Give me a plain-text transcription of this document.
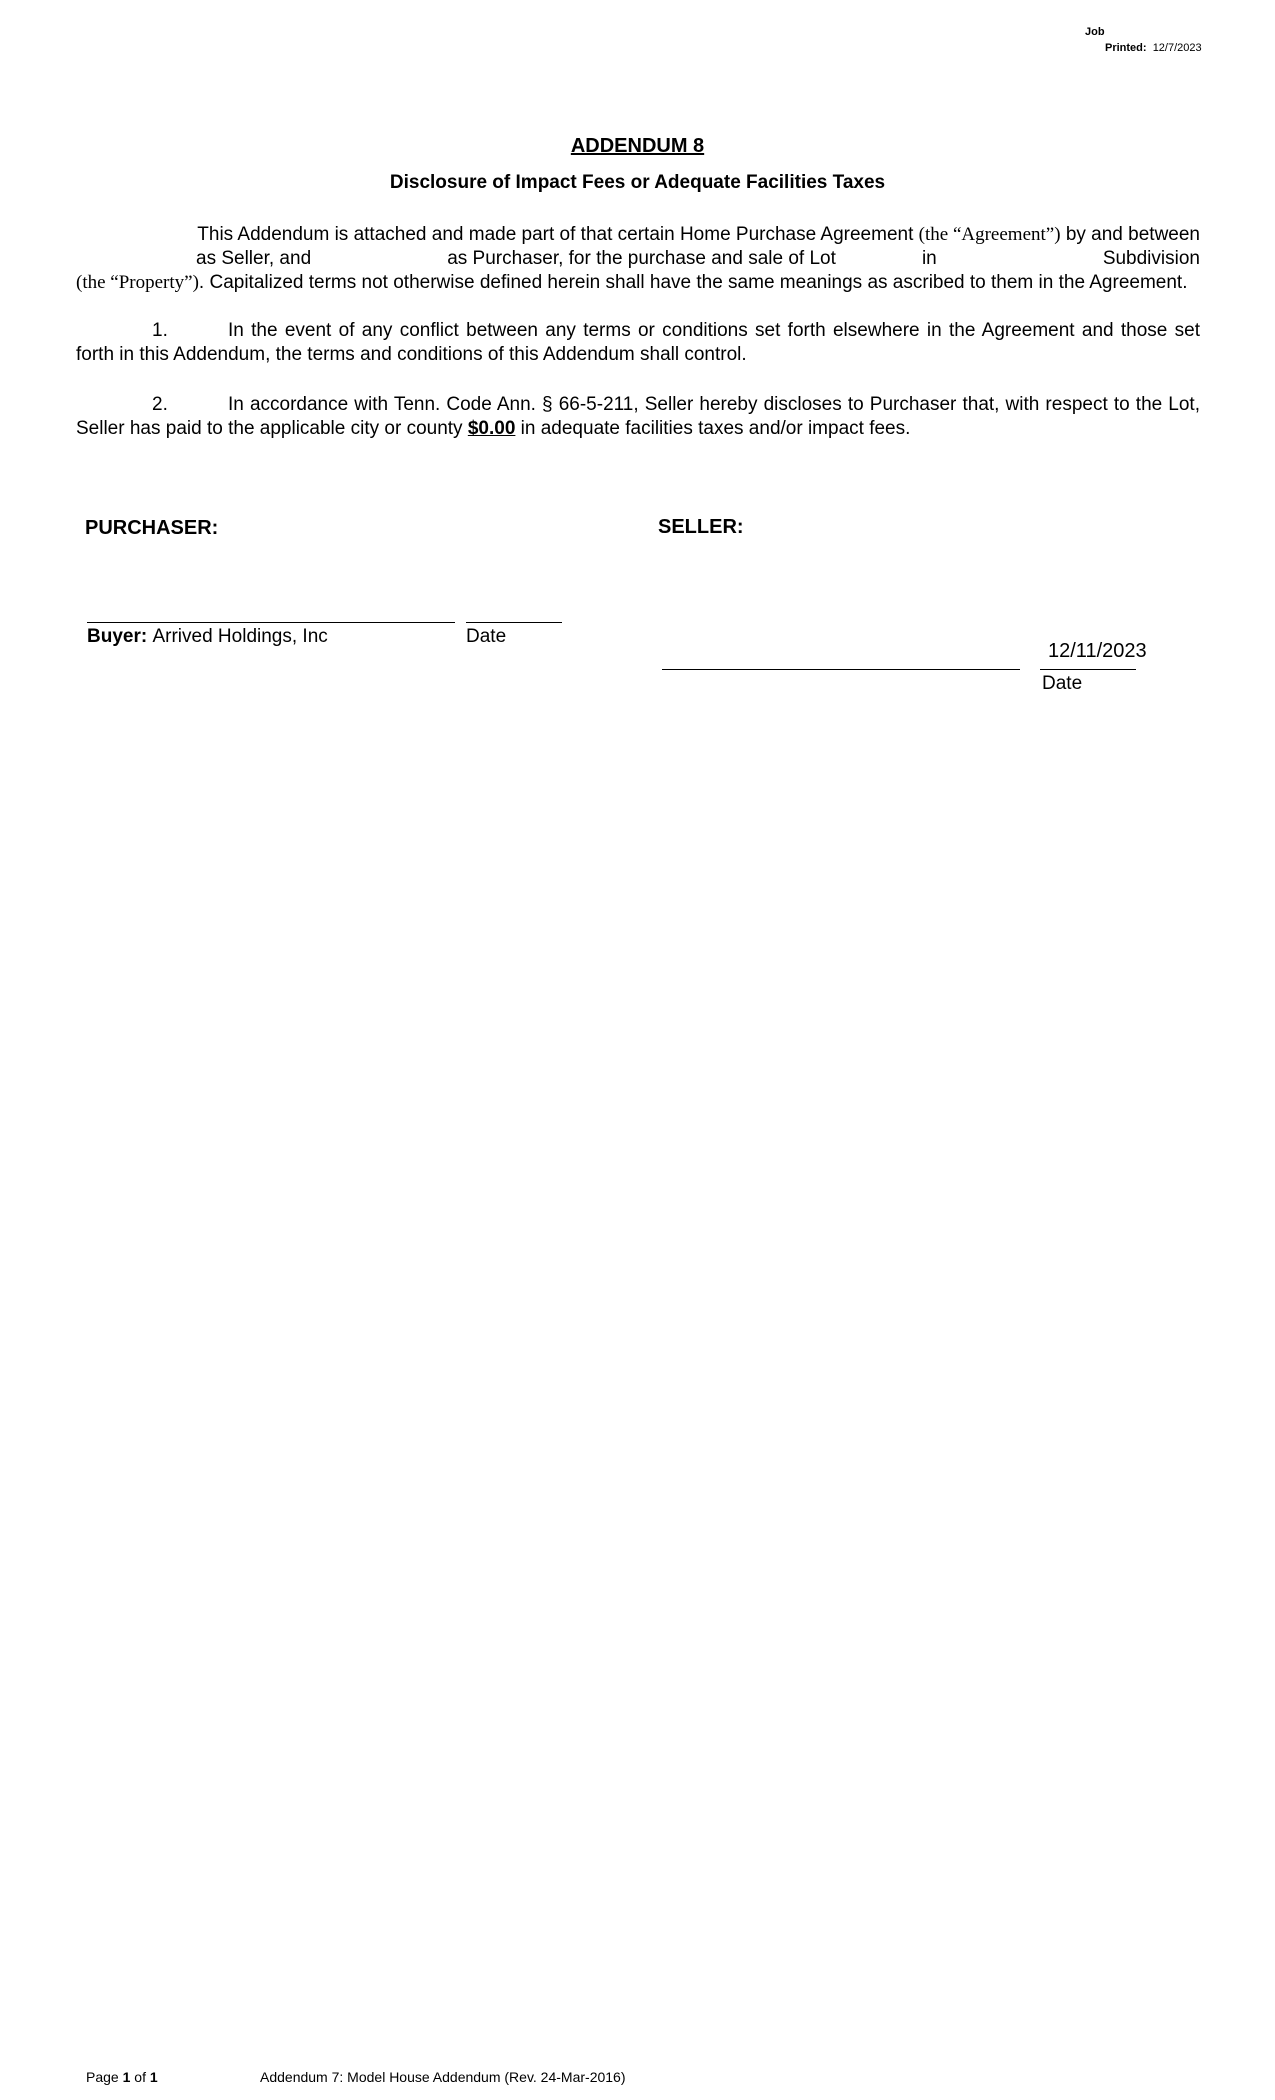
Job
Printed: 12/7/2023
ADDENDUM 8
Disclosure of Impact Fees or Adequate Facilities Taxes
This Addendum is attached and made part of that certain Home Purchase Agreement (the “Agreement”) by and between
as Seller, and	as Purchaser, for the purchase and sale of Lot	in	Subdivision
(the “Property”). Capitalized terms not otherwise defined herein shall have the same meanings as ascribed to them in the Agreement.
1.	In the event of any conflict between any terms or conditions set forth elsewhere in the Agreement and those set forth in this Addendum, the terms and conditions of this Addendum shall control.
2.	In accordance with Tenn. Code Ann. § 66-5-211, Seller hereby discloses to Purchaser that, with respect to the Lot, Seller has paid to the applicable city or county $0.00 in adequate facilities taxes and/or impact fees.
PURCHASER:	SELLER:
Buyer: Arrived Holdings, Inc	Date
12/11/2023
Date
Page 1 of 1	Addendum 7: Model House Addendum (Rev. 24-Mar-2016)
